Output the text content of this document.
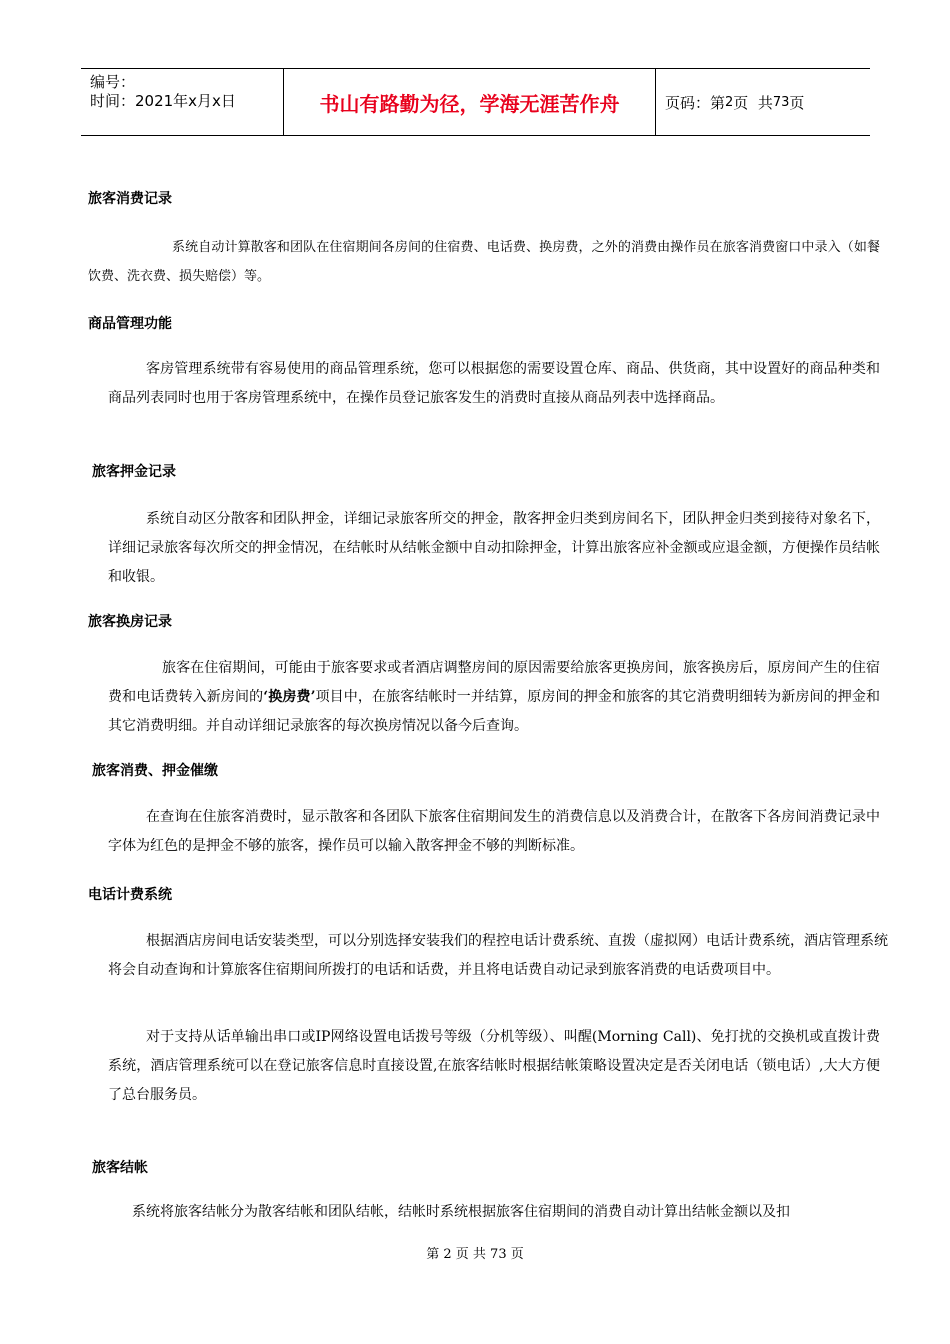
编号：
时间：2021年x月x日	书山有路勤为径，学海无涯苦作舟	页码：第 2 页  共 73 页
旅客消费记录
系统自动计算散客和团队在住宿期间各房间的住宿费、电话费、换房费，之外的消费由操作员在旅客消费窗口中录入（如餐饮费、洗衣费、损失赔偿）等。
商品管理功能
客房管理系统带有容易使用的商品管理系统，您可以根据您的需要设置仓库、商品、供货商，其中设置好的商品种类和商品列表同时也用于客房管理系统中，在操作员登记旅客发生的消费时直接从商品列表中选择商品。
旅客押金记录
系统自动区分散客和团队押金，详细记录旅客所交的押金，散客押金归类到房间名下，团队押金归类到接待对象名下，详细记录旅客每次所交的押金情况，在结帐时从结帐金额中自动扣除押金，计算出旅客应补金额或应退金额，方便操作员结帐和收银。
旅客换房记录
旅客在住宿期间，可能由于旅客要求或者酒店调整房间的原因需要给旅客更换房间，旅客换房后，原房间产生的住宿费和电话费转入新房间的‘换房费’项目中，在旅客结帐时一并结算，原房间的押金和旅客的其它消费明细转为新房间的押金和其它消费明细。并自动详细记录旅客的每次换房情况以备今后查询。
旅客消费、押金催缴
在查询在住旅客消费时，显示散客和各团队下旅客住宿期间发生的消费信息以及消费合计，在散客下各房间消费记录中字体为红色的是押金不够的旅客，操作员可以输入散客押金不够的判断标准。
电话计费系统
根据酒店房间电话安装类型，可以分别选择安装我们的程控电话计费系统、直拨（虚拟网）电话计费系统，酒店管理系统将会自动查询和计算旅客住宿期间所拨打的电话和话费，并且将电话费自动记录到旅客消费的电话费项目中。
对于支持从话单输出串口或IP网络设置电话拨号等级（分机等级）、叫醒(Morning Call)、免打扰的交换机或直拨计费系统，酒店管理系统可以在登记旅客信息时直接设置,在旅客结帐时根据结帐策略设置决定是否关闭电话（锁电话）,大大方便了总台服务员。
旅客结帐
系统将旅客结帐分为散客结帐和团队结帐，结帐时系统根据旅客住宿期间的消费自动计算出结帐金额以及扣
第 2 页 共 73 页
